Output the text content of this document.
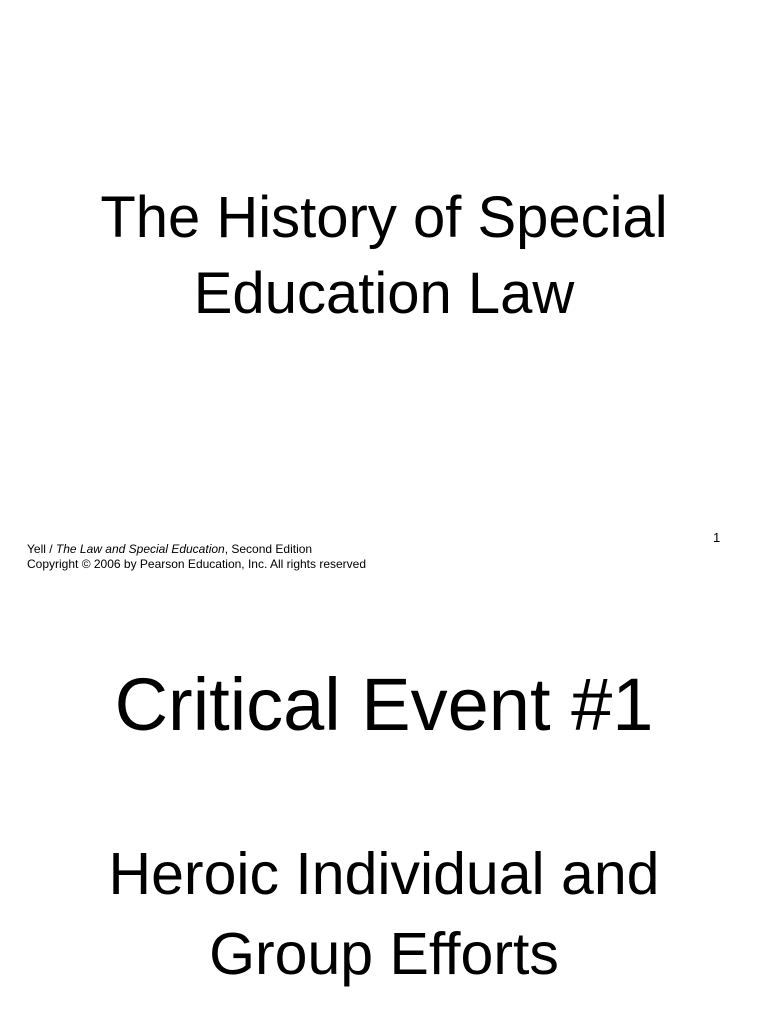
The History of Special
Education Law
1
Yell / The Law and Special Education, Second Edition
Copyright © 2006 by Pearson Education, Inc. All rights reserved
Critical Event #1
Heroic Individual and
Group Efforts
